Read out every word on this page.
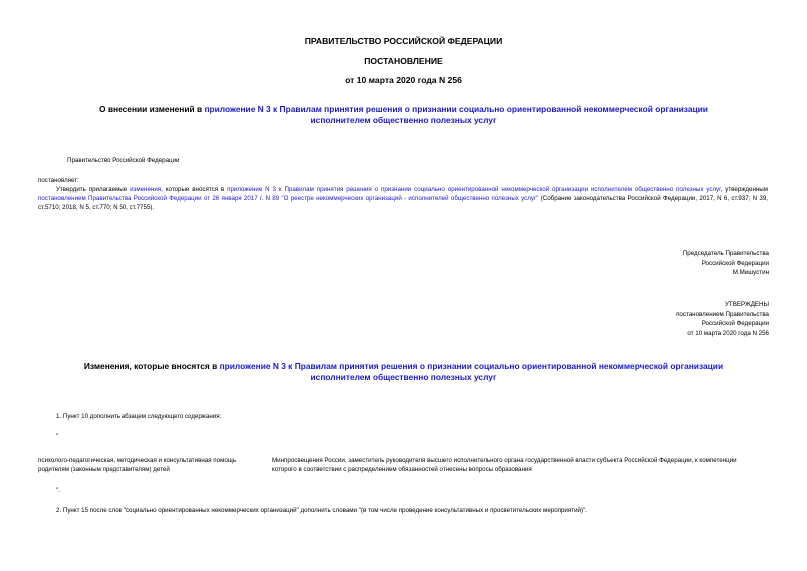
ПРАВИТЕЛЬСТВО РОССИЙСКОЙ ФЕДЕРАЦИИ
ПОСТАНОВЛЕНИЕ
от 10 марта 2020 года N 256
О внесении изменений в приложение N 3 к Правилам принятия решения о признании социально ориентированной некоммерческой организации исполнителем общественно полезных услуг
Правительство Российской Федерации
постановляет:
Утвердить прилагаемые изменения, которые вносятся в приложение N 3 к Правилам принятия решения о признании социально ориентированной некоммерческой организации исполнителем общественно полезных услуг, утвержденным постановлением Правительства Российской Федерации от 26 января 2017 г. N 89 "О реестре некоммерческих организаций - исполнителей общественно полезных услуг" (Собрание законодательства Российской Федерации, 2017, N 6, ст.937; N 39, ст.5710; 2018, N 5, ст.770; N 50, ст.7755).
Председатель Правительства
Российской Федерации
М.Мишустин
УТВЕРЖДЕНЫ
постановлением Правительства
Российской Федерации
от 10 марта 2020 года N 256
Изменения, которые вносятся в приложение N 3 к Правилам принятия решения о признании социально ориентированной некоммерческой организации исполнителем общественно полезных услуг
1. Пункт 10 дополнить абзацем следующего содержания:
"
психолого-педагогическая, методическая и консультативная помощь родителям (законным представителям) детей
Минпросвещения России, заместитель руководителя высшего исполнительного органа государственной власти субъекта Российской Федерации, к компетенции которого в соответствии с распределением обязанностей отнесены вопросы образования
".
2. Пункт 15 после слов "социально ориентированных некоммерческих организаций" дополнить словами "(в том числе проведение консультативных и просветительских мероприятий)".
